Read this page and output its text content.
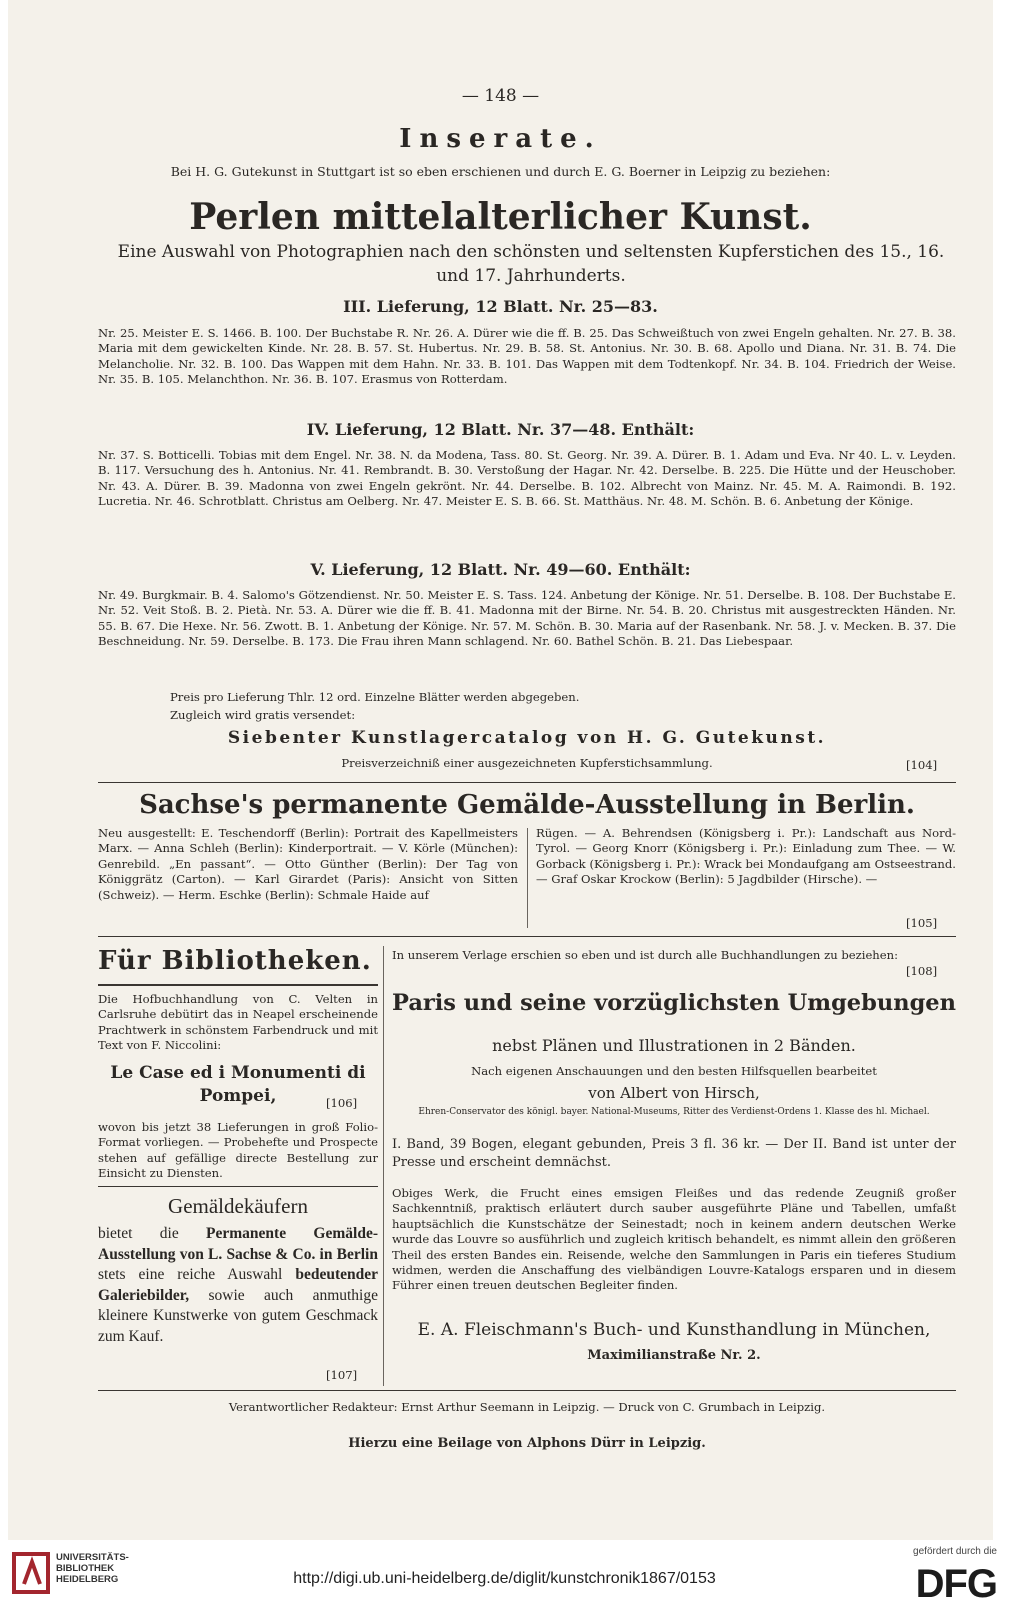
— 148 —
Inserate.
Bei H. G. Gutekunst in Stuttgart ist so eben erschienen und durch E. G. Boerner in Leipzig zu beziehen:
Perlen mittelalterlicher Kunst.
Eine Auswahl von Photographien nach den schönsten und seltensten Kupferstichen des 15., 16. und 17. Jahrhunderts.
III. Lieferung, 12 Blatt. Nr. 25—83.
Nr. 25. Meister E. S. 1466. B. 100. Der Buchstabe R. Nr. 26. A. Dürer wie die ff. B. 25. Das Schweißtuch von zwei Engeln gehalten. Nr. 27. B. 38. Maria mit dem gewickelten Kinde. Nr. 28. B. 57. St. Hubertus. Nr. 29. B. 58. St. Antonius. Nr. 30. B. 68. Apollo und Diana. Nr. 31. B. 74. Die Melancholie. Nr. 32. B. 100. Das Wappen mit dem Hahn. Nr. 33. B. 101. Das Wappen mit dem Todtenkopf. Nr. 34. B. 104. Friedrich der Weise. Nr. 35. B. 105. Melanchthon. Nr. 36. B. 107. Erasmus von Rotterdam.
IV. Lieferung, 12 Blatt. Nr. 37—48. Enthält:
Nr. 37. S. Botticelli. Tobias mit dem Engel. Nr. 38. N. da Modena, Tass. 80. St. Georg. Nr. 39. A. Dürer. B. 1. Adam und Eva. Nr 40. L. v. Leyden. B. 117. Versuchung des h. Antonius. Nr. 41. Rembrandt. B. 30. Verstoßung der Hagar. Nr. 42. Derselbe. B. 225. Die Hütte und der Heuschober. Nr. 43. A. Dürer. B. 39. Madonna von zwei Engeln gekrönt. Nr. 44. Derselbe. B. 102. Albrecht von Mainz. Nr. 45. M. A. Raimondi. B. 192. Lucretia. Nr. 46. Schrotblatt. Christus am Oelberg. Nr. 47. Meister E. S. B. 66. St. Matthäus. Nr. 48. M. Schön. B. 6. Anbetung der Könige.
V. Lieferung, 12 Blatt. Nr. 49—60. Enthält:
Nr. 49. Burgkmair. B. 4. Salomo's Götzendienst. Nr. 50. Meister E. S. Tass. 124. Anbetung der Könige. Nr. 51. Derselbe. B. 108. Der Buchstabe E. Nr. 52. Veit Stoß. B. 2. Pietà. Nr. 53. A. Dürer wie die ff. B. 41. Madonna mit der Birne. Nr. 54. B. 20. Christus mit ausgestreckten Händen. Nr. 55. B. 67. Die Hexe. Nr. 56. Zwott. B. 1. Anbetung der Könige. Nr. 57. M. Schön. B. 30. Maria auf der Rasenbank. Nr. 58. J. v. Mecken. B. 37. Die Beschneidung. Nr. 59. Derselbe. B. 173. Die Frau ihren Mann schlagend. Nr. 60. Bathel Schön. B. 21. Das Liebespaar.
Preis pro Lieferung Thlr. 12 ord. Einzelne Blätter werden abgegeben.
Zugleich wird gratis versendet:
Siebenter Kunstlagercatalog von H. G. Gutekunst.
Preisverzeichniß einer ausgezeichneten Kupferstichsammlung.	[104]
Sachse's permanente Gemälde-Ausstellung in Berlin.
Neu ausgestellt: E. Teschendorff (Berlin): Portrait des Kapellmeisters Marx. — Anna Schleh (Berlin): Kinderportrait. — V. Körle (München): Genrebild. „En passant“. — Otto Günther (Berlin): Der Tag von Königgrätz (Carton). — Karl Girardet (Paris): Ansicht von Sitten (Schweiz). — Herm. Eschke (Berlin): Schmale Haide auf
Rügen. — A. Behrendsen (Königsberg i. Pr.): Landschaft aus Nord-Tyrol. — Georg Knorr (Königsberg i. Pr.): Einladung zum Thee. — W. Gorback (Königsberg i. Pr.): Wrack bei Mondaufgang am Ostseestrand. — Graf Oskar Krockow (Berlin): 5 Jagdbilder (Hirsche). —
[105]
Für Bibliotheken.
Die Hofbuchhandlung von C. Velten in Carlsruhe debütirt das in Neapel erscheinende Prachtwerk in schönstem Farbendruck und mit Text von F. Niccolini:
Le Case ed i Monumenti di Pompei,	[106]
wovon bis jetzt 38 Lieferungen in groß Folio-Format vorliegen. — Probehefte und Prospecte stehen auf gefällige directe Bestellung zur Einsicht zu Diensten.
Gemäldekäufern
bietet die Permanente Gemälde-Ausstellung von L. Sachse & Co. in Berlin stets eine reiche Auswahl bedeutender Galeriebilder, sowie auch anmuthige kleinere Kunstwerke von gutem Geschmack zum Kauf.
[107]
In unserem Verlage erschien so eben und ist durch alle Buchhandlungen zu beziehen:
[108]
Paris und seine vorzüglichsten Umgebungen
nebst Plänen und Illustrationen in 2 Bänden.
Nach eigenen Anschauungen und den besten Hilfsquellen bearbeitet
von Albert von Hirsch,
Ehren-Conservator des königl. bayer. National-Museums, Ritter des Verdienst-Ordens 1. Klasse des hl. Michael.
I. Band, 39 Bogen, elegant gebunden, Preis 3 fl. 36 kr. — Der II. Band ist unter der Presse und erscheint demnächst.
Obiges Werk, die Frucht eines emsigen Fleißes und das redende Zeugniß großer Sachkenntniß, praktisch erläutert durch sauber ausgeführte Pläne und Tabellen, umfaßt hauptsächlich die Kunstschätze der Seinestadt; noch in keinem andern deutschen Werke wurde das Louvre so ausführlich und zugleich kritisch behandelt, es nimmt allein den größeren Theil des ersten Bandes ein. Reisende, welche den Sammlungen in Paris ein tieferes Studium widmen, werden die Anschaffung des vielbändigen Louvre-Katalogs ersparen und in diesem Führer einen treuen deutschen Begleiter finden.
E. A. Fleischmann's Buch- und Kunsthandlung in München,
Maximilianstraße Nr. 2.
Verantwortlicher Redakteur: Ernst Arthur Seemann in Leipzig. — Druck von C. Grumbach in Leipzig.
Hierzu eine Beilage von Alphons Dürr in Leipzig.
UNIVERSITÄTS-
BIBLIOTHEK
HEIDELBERG	http://digi.ub.uni-heidelberg.de/diglit/kunstchronik1867/0153
gefördert durch die
DFG
